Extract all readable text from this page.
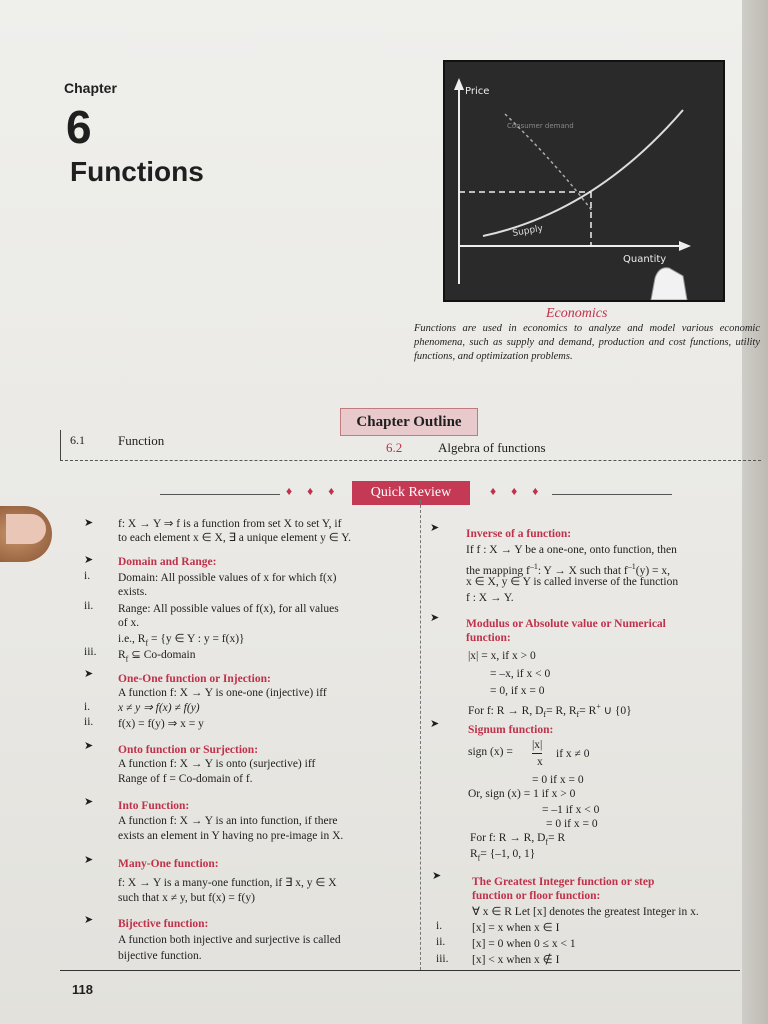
Chapter
6
Functions
Price
Supply
Quantity
Consumer demand
Economics
Functions are used in economics to analyze and model various economic phenomena, such as supply and demand, production and cost functions, utility functions, and optimization problems.
Chapter Outline
6.1	Function	6.2	Algebra of functions
♦ ♦ ♦	Quick Review	♦ ♦ ♦
➤ f: X → Y ⇒ f is a function from set X to set Y, if
to each element x ∈ X, ∃ a unique element y ∈ Y.
➤ Domain and Range:
i. Domain: All possible values of x for which f(x)
exists.
ii. Range: All possible values of f(x), for all values
of x.
i.e., $R_f = \{y$ ∈ Y : y = f(x)}
iii. $R_f$ ⊆ Co-domain
➤ One-One function or Injection:
A function f: X → Y is one-one (injective) iff
i. x ≠ y ⇒ f(x) ≠ f(y)
ii. f(x) = f(y) ⇒ x = y
➤ Onto function or Surjection:
A function f: X → Y is onto (surjective) iff
Range of f = Co-domain of f.
➤ Into Function:
A function f: X → Y is an into function, if there
exists an element in Y having no pre-image in X.
➤ Many-One function:
f: X → Y is a many-one function, if ∃ x, y ∈ X
such that x ≠ y, but f(x) = f(y)
➤ Bijective function:
A function both injective and surjective is called
bijective function.
➤ Inverse of a function:
If f : X → Y be a one-one, onto function, then
the mapping $f^{-1}$: Y → X such that $f^{-1}(y) = x$,
x ∈ X, y ∈ Y is called inverse of the function
f : X → Y.
➤ Modulus or Absolute value or Numerical
function:
|x| = x, if x > 0
= –x, if x < 0
= 0, if x = 0
For f: R → R, $D_f= R$, $R_f= R^+$ ∪ {0}
➤	Signum function:
sign (x) =
|x|
x
if x ≠ 0
= 0 if x = 0
Or, sign (x) = 1 if x > 0
= –1 if x < 0
= 0 if x = 0
For f: R → R, $D_f= R$
$R_f= \{-1$, 0, 1}
➤	The Greatest Integer function or step
function or floor function:
∀ x ∈ R Let [x] denotes the greatest Integer in x.
i.	[x] = x when x ∈ I
ii. [x] = 0 when 0 ≤ x < 1
iii. [x] < x when x ∉ I
118
